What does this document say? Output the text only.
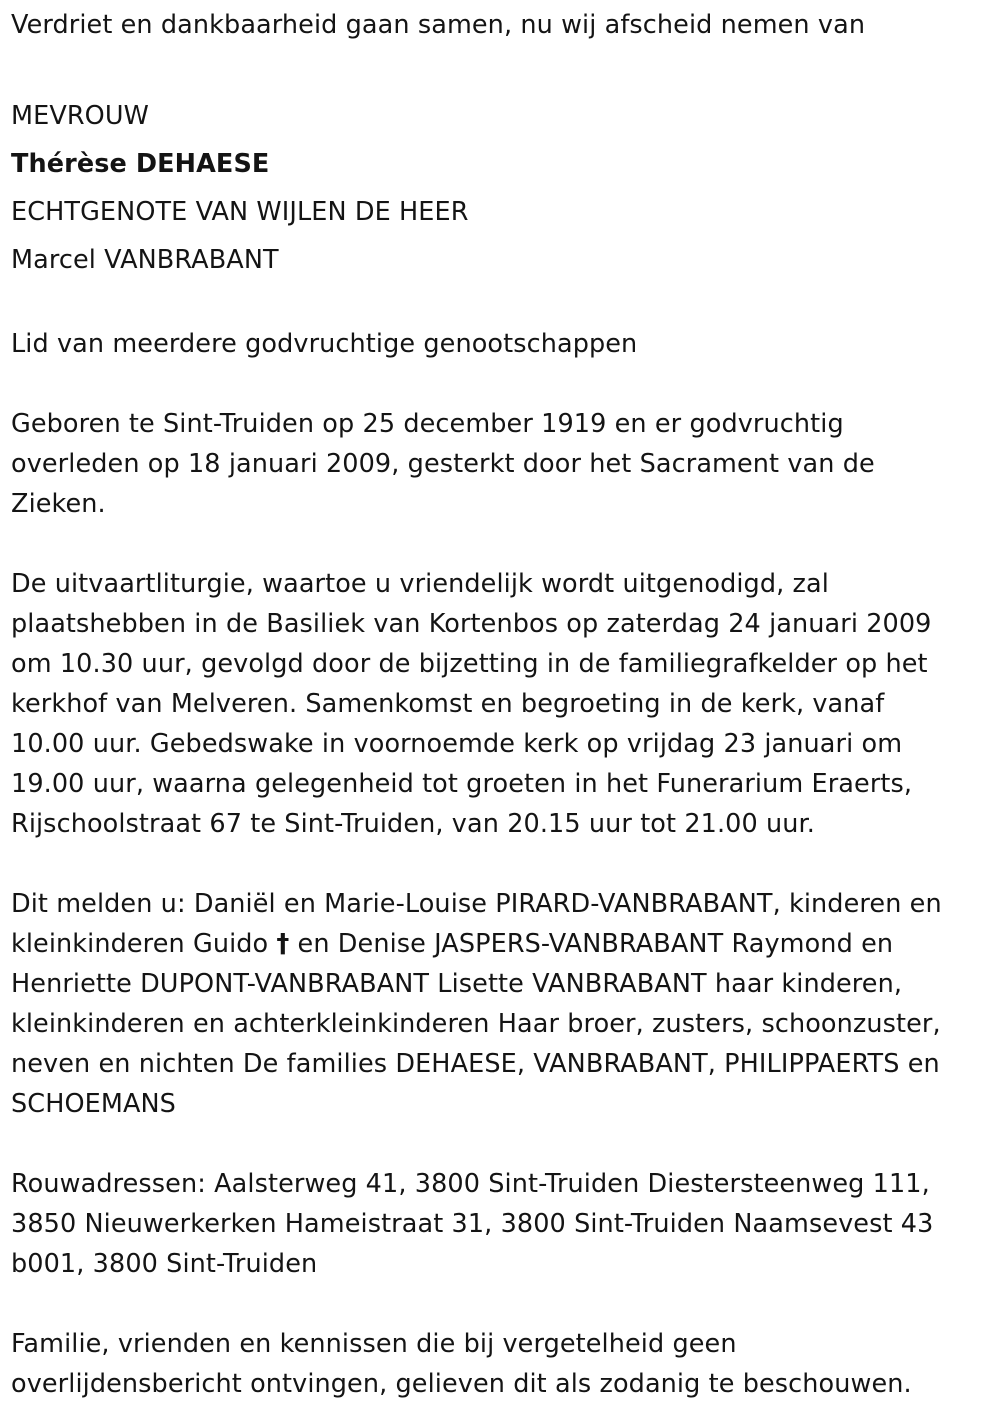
Verdriet en dankbaarheid gaan samen, nu wij afscheid nemen van

MEVROUW

Thérèse DEHAESE

ECHTGENOTE VAN WIJLEN DE HEER

Marcel VANBRABANT

Lid van meerdere godvruchtige genootschappen

Geboren te Sint-Truiden op 25 december 1919 en er godvruchtig

overleden op 18 januari 2009, gesterkt door het Sacrament van de

Zieken.

De uitvaartliturgie, waartoe u vriendelijk wordt uitgenodigd, zal

plaatshebben in de Basiliek van Kortenbos op zaterdag 24 januari 2009

om 10.30 uur, gevolgd door de bijzetting in de familiegrafkelder op het

kerkhof van Melveren. Samenkomst en begroeting in de kerk, vanaf

10.00 uur. Gebedswake in voornoemde kerk op vrijdag 23 januari om

19.00 uur, waarna gelegenheid tot groeten in het Funerarium Eraerts,

Rijschoolstraat 67 te Sint-Truiden, van 20.15 uur tot 21.00 uur.

Dit melden u: Daniël en Marie-Louise PIRARD-VANBRABANT, kinderen en

kleinkinderen Guido † en Denise JASPERS-VANBRABANT Raymond en

Henriette DUPONT-VANBRABANT Lisette VANBRABANT haar kinderen,

kleinkinderen en achterkleinkinderen Haar broer, zusters, schoonzuster,

neven en nichten De families DEHAESE, VANBRABANT, PHILIPPAERTS en

SCHOEMANS

Rouwadressen: Aalsterweg 41, 3800 Sint-Truiden Diestersteenweg 111,

3850 Nieuwerkerken Hameistraat 31, 3800 Sint-Truiden Naamsevest 43

b001, 3800 Sint-Truiden

Familie, vrienden en kennissen die bij vergetelheid geen

overlijdensbericht ontvingen, gelieven dit als zodanig te beschouwen.
